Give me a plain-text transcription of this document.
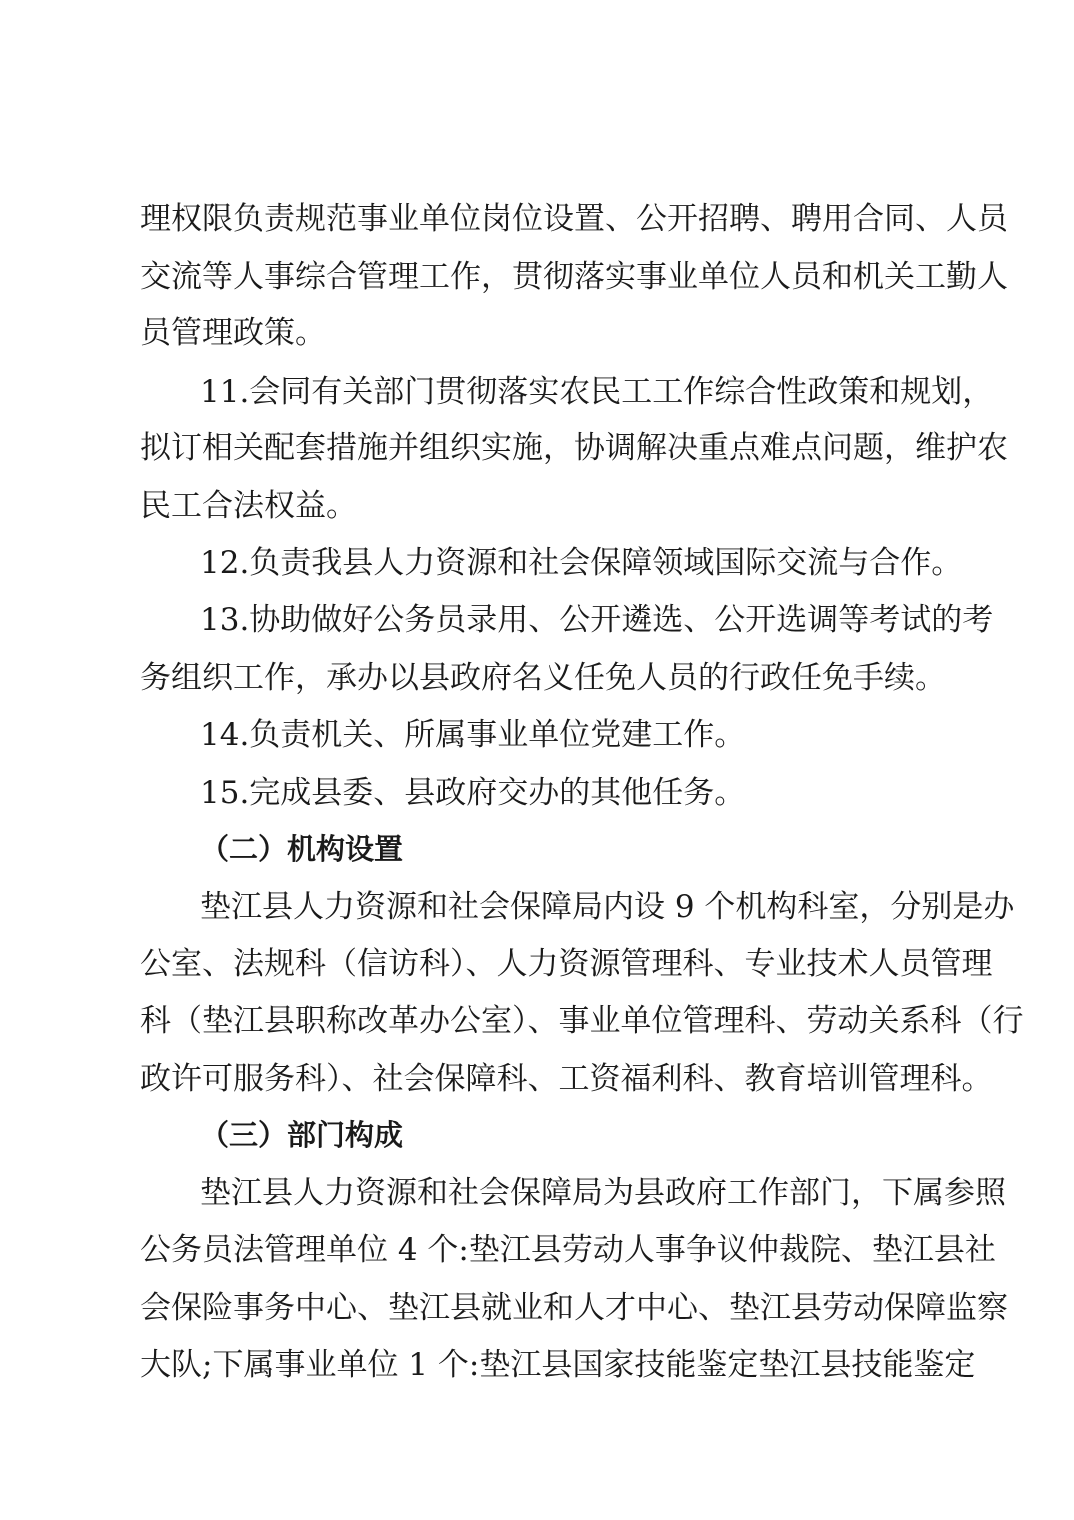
理权限负责规范事业单位岗位设置、公开招聘、聘用合同、人员
交流等人事综合管理工作，贯彻落实事业单位人员和机关工勤人
员管理政策。
11.会同有关部门贯彻落实农民工工作综合性政策和规划，
拟订相关配套措施并组织实施，协调解决重点难点问题，维护农
民工合法权益。
12.负责我县人力资源和社会保障领域国际交流与合作。
13.协助做好公务员录用、公开遴选、公开选调等考试的考
务组织工作，承办以县政府名义任免人员的行政任免手续。
14.负责机关、所属事业单位党建工作。
15.完成县委、县政府交办的其他任务。
（二）机构设置
垫江县人力资源和社会保障局内设 9 个机构科室，分别是办
公室、法规科（信访科）、人力资源管理科、专业技术人员管理
科（垫江县职称改革办公室）、事业单位管理科、劳动关系科（行
政许可服务科）、社会保障科、工资福利科、教育培训管理科。
（三）部门构成
垫江县人力资源和社会保障局为县政府工作部门，下属参照
公务员法管理单位 4 个:垫江县劳动人事争议仲裁院、垫江县社
会保险事务中心、垫江县就业和人才中心、垫江县劳动保障监察
大队;下属事业单位 1 个:垫江县国家技能鉴定垫江县技能鉴定
